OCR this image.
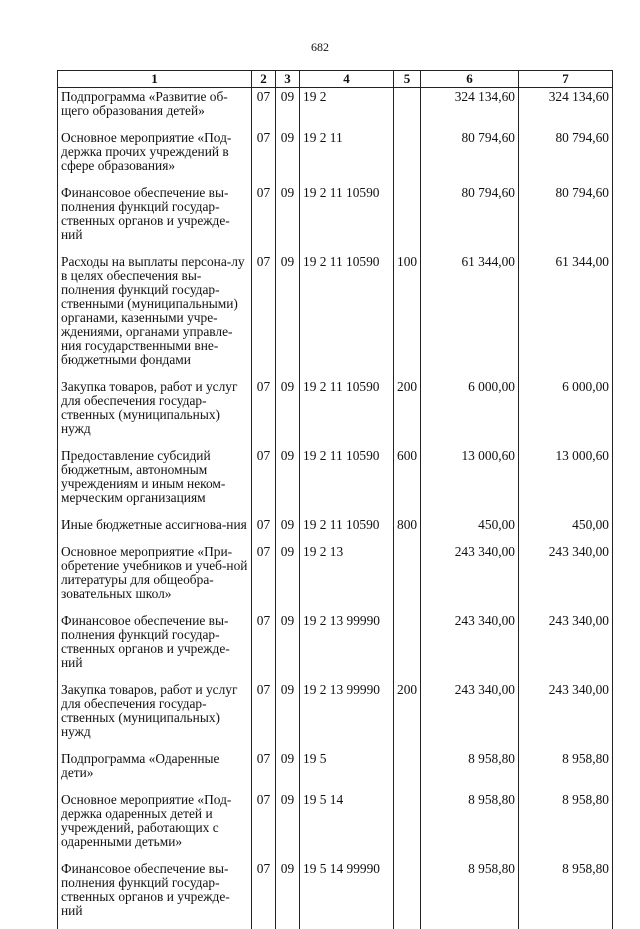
682
1	2	3	4	5	6	7
Подпрограмма «Развитие об-щего образования детей»	07	09	19 2		324 134,60	324 134,60
Основное мероприятие «Под-держка прочих учреждений в сфере образования»	07	09	19 2 11		80 794,60	80 794,60
Финансовое обеспечение вы-полнения функций государ-ственных органов и учрежде-ний	07	09	19 2 11 10590		80 794,60	80 794,60
Расходы на выплаты персона-лу в целях обеспечения вы-полнения функций государ-ственными (муниципальными) органами, казенными учре-ждениями, органами управле-ния государственными вне-бюджетными фондами	07	09	19 2 11 10590	100	61 344,00	61 344,00
Закупка товаров, работ и услуг для обеспечения государ-ственных (муниципальных) нужд	07	09	19 2 11 10590	200	6 000,00	6 000,00
Предоставление субсидий бюджетным, автономным учреждениям и иным неком-мерческим организациям	07	09	19 2 11 10590	600	13 000,60	13 000,60
Иные бюджетные ассигнова-ния	07	09	19 2 11 10590	800	450,00	450,00
Основное мероприятие «При-обретение учебников и учеб-ной литературы для общеобра-зовательных школ»	07	09	19 2 13		243 340,00	243 340,00
Финансовое обеспечение вы-полнения функций государ-ственных органов и учрежде-ний	07	09	19 2 13 99990		243 340,00	243 340,00
Закупка товаров, работ и услуг для обеспечения государ-ственных (муниципальных) нужд	07	09	19 2 13 99990	200	243 340,00	243 340,00
Подпрограмма «Одаренные дети»	07	09	19 5		8 958,80	8 958,80
Основное мероприятие «Под-держка одаренных детей и учреждений, работающих с одаренными детьми»	07	09	19 5 14		8 958,80	8 958,80
Финансовое обеспечение вы-полнения функций государ-ственных органов и учрежде-ний	07	09	19 5 14 99990		8 958,80	8 958,80
